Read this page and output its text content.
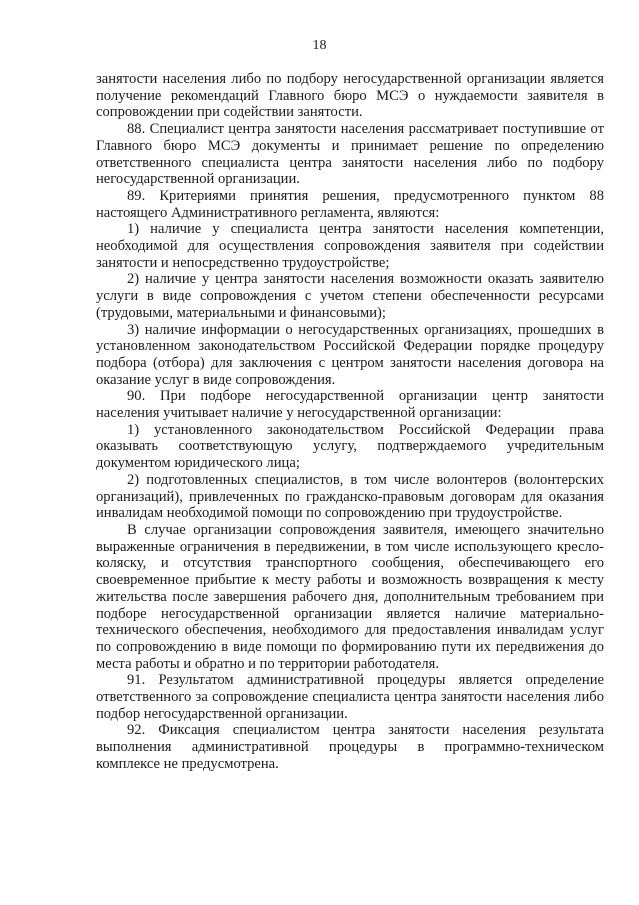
18

занятости населения либо по подбору негосударственной организации является получение рекомендаций Главного бюро МСЭ о нуждаемости заявителя в сопровождении при содействии занятости.

88. Специалист центра занятости населения рассматривает поступившие от Главного бюро МСЭ документы и принимает решение по определению ответственного специалиста центра занятости населения либо по подбору негосударственной организации.

89. Критериями принятия решения, предусмотренного пунктом 88 настоящего Административного регламента, являются:

1) наличие у специалиста центра занятости населения компетенции, необходимой для осуществления сопровождения заявителя при содействии занятости и непосредственно трудоустройстве;

2) наличие у центра занятости населения возможности оказать заявителю услуги в виде сопровождения с учетом степени обеспеченности ресурсами (трудовыми, материальными и финансовыми);

3) наличие информации о негосударственных организациях, прошедших в установленном законодательством Российской Федерации порядке процедуру подбора (отбора) для заключения с центром занятости населения договора на оказание услуг в виде сопровождения.

90. При подборе негосударственной организации центр занятости населения учитывает наличие у негосударственной организации:

1) установленного законодательством Российской Федерации права оказывать соответствующую услугу, подтверждаемого учредительным документом юридического лица;

2) подготовленных специалистов, в том числе волонтеров (волонтерских организаций), привлеченных по гражданско-правовым договорам для оказания инвалидам необходимой помощи по сопровождению при трудоустройстве.

В случае организации сопровождения заявителя, имеющего значительно выраженные ограничения в передвижении, в том числе использующего кресло-коляску, и отсутствия транспортного сообщения, обеспечивающего его своевременное прибытие к месту работы и возможность возвращения к месту жительства после завершения рабочего дня, дополнительным требованием при подборе негосударственной организации является наличие материально-технического обеспечения, необходимого для предоставления инвалидам услуг по сопровождению в виде помощи по формированию пути их передвижения до места работы и обратно и по территории работодателя.

91. Результатом административной процедуры является определение ответственного за сопровождение специалиста центра занятости населения либо подбор негосударственной организации.

92. Фиксация специалистом центра занятости населения результата выполнения административной процедуры в программно-техническом комплексе не предусмотрена.
